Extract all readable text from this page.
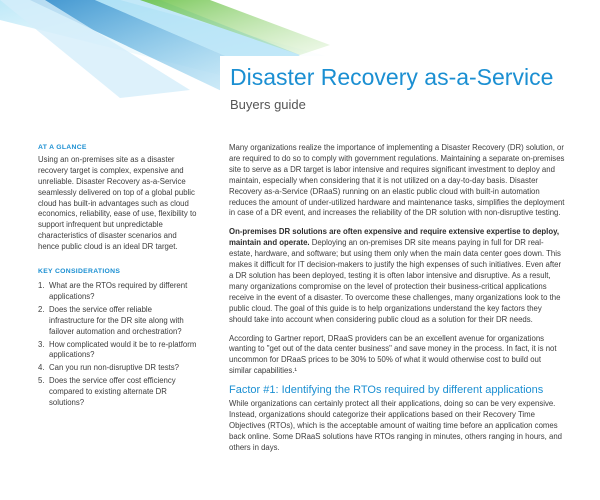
Disaster Recovery as-a-Service
Buyers guide
AT A GLANCE

Using an on-premises site as a disaster recovery target is complex, expensive and unreliable. Disaster Recovery as-a-Service seamlessly delivered on top of a global public cloud has built-in advantages such as cloud economics, reliability, ease of use, flexibility to support infrequent but unpredictable characteristics of disaster scenarios and hence public cloud is an ideal DR target.

KEY CONSIDERATIONS
1. What are the RTOs required by different applications?
2. Does the service offer reliable infrastructure for the DR site along with failover automation and orchestration?
3. How complicated would it be to re-platform applications?
4. Can you run non-disruptive DR tests?
5. Does the service offer cost efficiency compared to existing alternate DR solutions?

Many organizations realize the importance of implementing a Disaster Recovery (DR) solution, or are required to do so to comply with government regulations. Maintaining a separate on-premises site to serve as a DR target is labor intensive and requires significant investment to deploy and maintain, especially when considering that it is not utilized on a day-to-day basis. Disaster Recovery as-a-Service (DRaaS) running on an elastic public cloud with built-in automation reduces the amount of under-utilized hardware and maintenance tasks, simplifies the deployment in case of a DR event, and increases the reliability of the DR solution with non-disruptive testing.

On-premises DR solutions are often expensive and require extensive expertise to deploy, maintain and operate. Deploying an on-premises DR site means paying in full for DR real-estate, hardware, and software; but using them only when the main data center goes down. This makes it difficult for IT decision-makers to justify the high expenses of such initiatives. Even after a DR solution has been deployed, testing it is often labor intensive and disruptive. As a result, many organizations compromise on the level of protection their business-critical applications receive in the event of a disaster. To overcome these challenges, many organizations look to the public cloud. The goal of this guide is to help organizations understand the key factors they should take into account when considering public cloud as a solution for their DR needs.

According to Gartner report, DRaaS providers can be an excellent avenue for organizations wanting to "get out of the data center business" and save money in the process. In fact, it is not uncommon for DRaaS prices to be 30% to 50% of what it would otherwise cost to build out similar capabilities.¹

Factor #1: Identifying the RTOs required by different applications

While organizations can certainly protect all their applications, doing so can be very expensive. Instead, organizations should categorize their applications based on their Recovery Time Objectives (RTOs), which is the acceptable amount of waiting time before an application comes back online. Some DRaaS solutions have RTOs ranging in minutes, others ranging in hours, and others in days.
